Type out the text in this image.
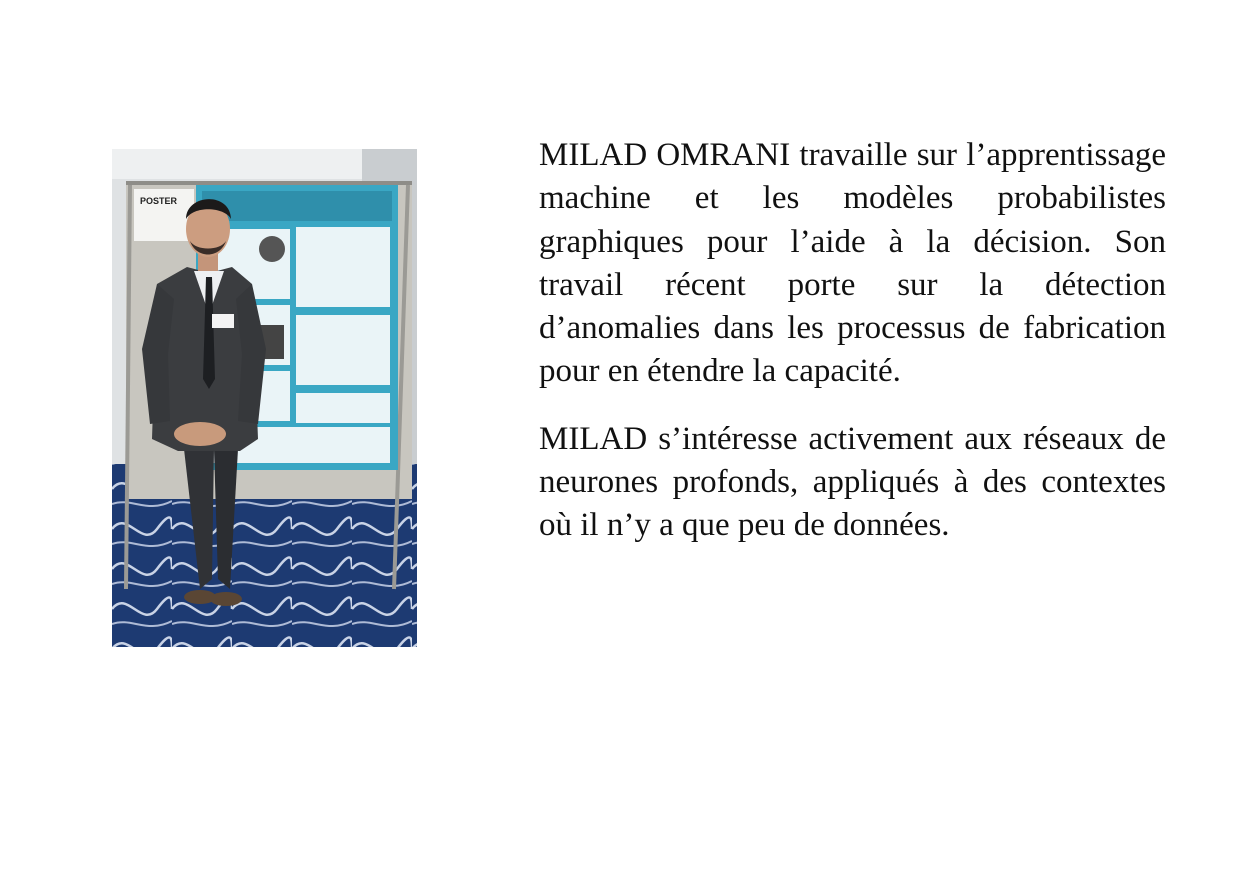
POSTER

MILAD OMRANI travaille sur l’apprentissage machine et les modèles probabilistes graphiques pour l’aide à la décision. Son travail récent porte sur la détection d’anomalies dans les processus de fabrication pour en étendre la capacité.

MILAD s’intéresse activement aux réseaux de neurones profonds, appliqués à des contextes où il n’y a que peu de données.
